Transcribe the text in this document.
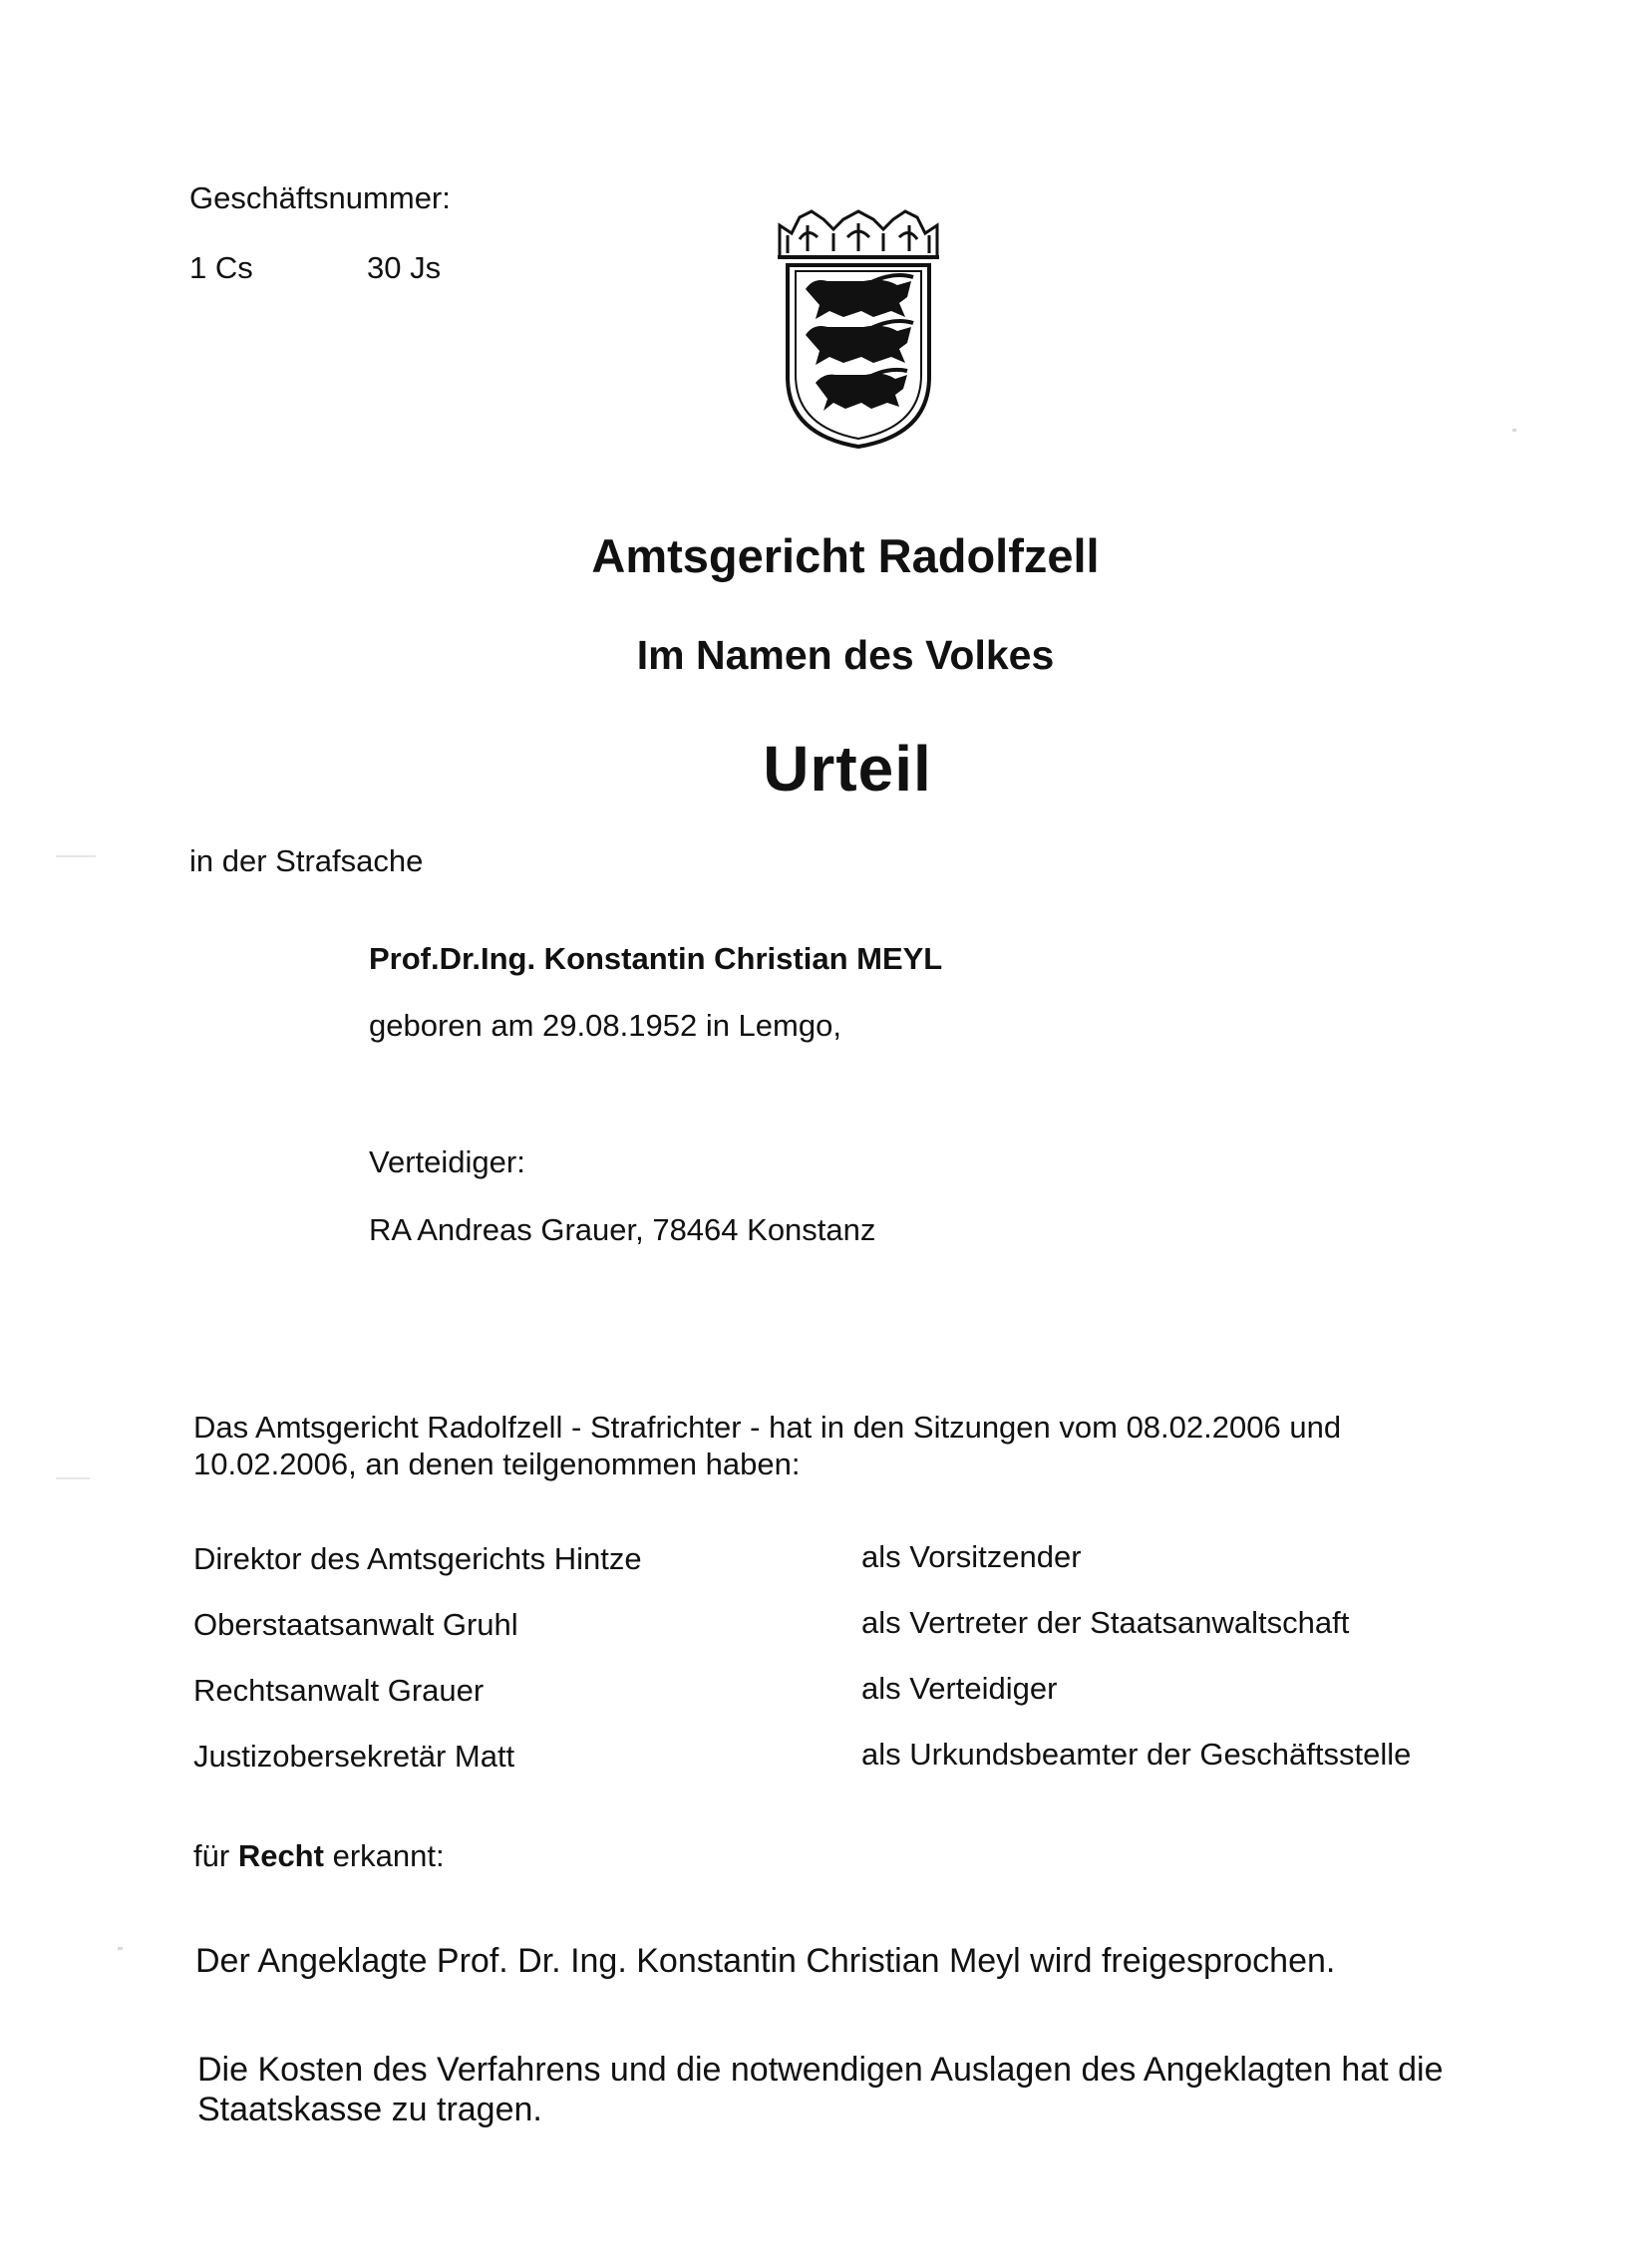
Geschäftsnummer:
1 Cs	30 Js
Amtsgericht Radolfzell
Im Namen des Volkes
Urteil
in der Strafsache
Prof.Dr.Ing. Konstantin Christian MEYL
geboren am 29.08.1952 in Lemgo,
Verteidiger:
RA Andreas Grauer, 78464 Konstanz
Das Amtsgericht Radolfzell - Strafrichter - hat in den Sitzungen vom 08.02.2006 und 10.02.2006, an denen teilgenommen haben:
Direktor des Amtsgerichts Hintze	als Vorsitzender
Oberstaatsanwalt Gruhl	als Vertreter der Staatsanwaltschaft
Rechtsanwalt Grauer	als Verteidiger
Justizobersekretär Matt	als Urkundsbeamter der Geschäftsstelle
für Recht erkannt:
Der Angeklagte Prof. Dr. Ing. Konstantin Christian Meyl wird freigesprochen.
Die Kosten des Verfahrens und die notwendigen Auslagen des Angeklagten hat die Staatskasse zu tragen.
